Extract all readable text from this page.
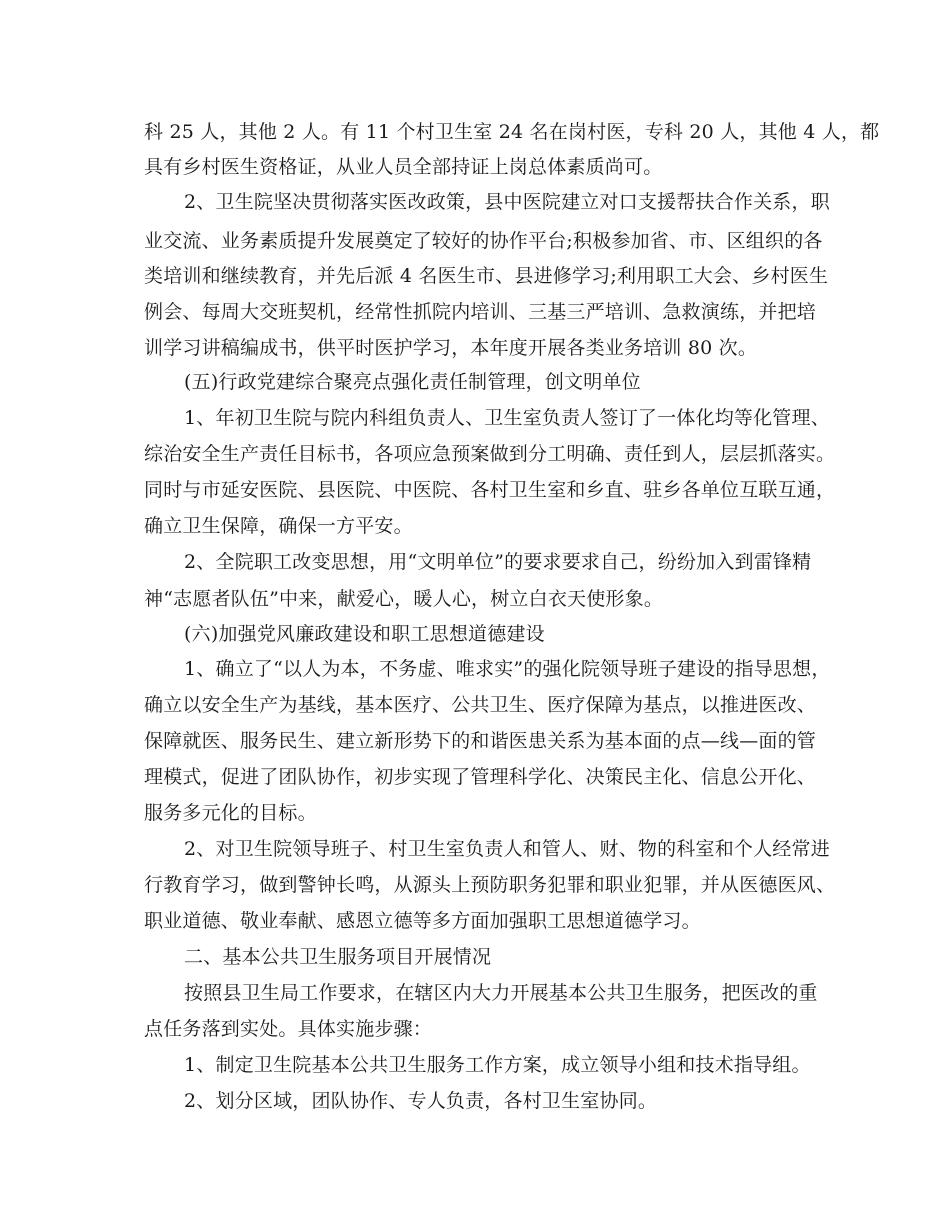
科 25 人，其他 2 人。有 11 个村卫生室 24 名在岗村医，专科 20 人，其他 4 人，都

具有乡村医生资格证，从业人员全部持证上岗总体素质尚可。

2、卫生院坚决贯彻落实医改政策，县中医院建立对口支援帮扶合作关系，职

业交流、业务素质提升发展奠定了较好的协作平台;积极参加省、市、区组织的各

类培训和继续教育，并先后派 4 名医生市、县进修学习;利用职工大会、乡村医生

例会、每周大交班契机，经常性抓院内培训、三基三严培训、急救演练，并把培

训学习讲稿编成书，供平时医护学习，本年度开展各类业务培训 80 次。

(五)行政党建综合聚亮点强化责任制管理，创文明单位

1、年初卫生院与院内科组负责人、卫生室负责人签订了一体化均等化管理、

综治安全生产责任目标书，各项应急预案做到分工明确、责任到人，层层抓落实。

同时与市延安医院、县医院、中医院、各村卫生室和乡直、驻乡各单位互联互通，

确立卫生保障，确保一方平安。

2、全院职工改变思想，用“文明单位”的要求要求自己，纷纷加入到雷锋精

神“志愿者队伍”中来，献爱心，暖人心，树立白衣天使形象。

(六)加强党风廉政建设和职工思想道德建设

1、确立了“以人为本，不务虚、唯求实”的强化院领导班子建设的指导思想，

确立以安全生产为基线，基本医疗、公共卫生、医疗保障为基点，以推进医改、

保障就医、服务民生、建立新形势下的和谐医患关系为基本面的点—线—面的管

理模式，促进了团队协作，初步实现了管理科学化、决策民主化、信息公开化、

服务多元化的目标。

2、对卫生院领导班子、村卫生室负责人和管人、财、物的科室和个人经常进

行教育学习，做到警钟长鸣，从源头上预防职务犯罪和职业犯罪，并从医德医风、

职业道德、敬业奉献、感恩立德等多方面加强职工思想道德学习。

二、基本公共卫生服务项目开展情况

按照县卫生局工作要求，在辖区内大力开展基本公共卫生服务，把医改的重

点任务落到实处。具体实施步骤：

1、制定卫生院基本公共卫生服务工作方案，成立领导小组和技术指导组。

2、划分区域，团队协作、专人负责，各村卫生室协同。
